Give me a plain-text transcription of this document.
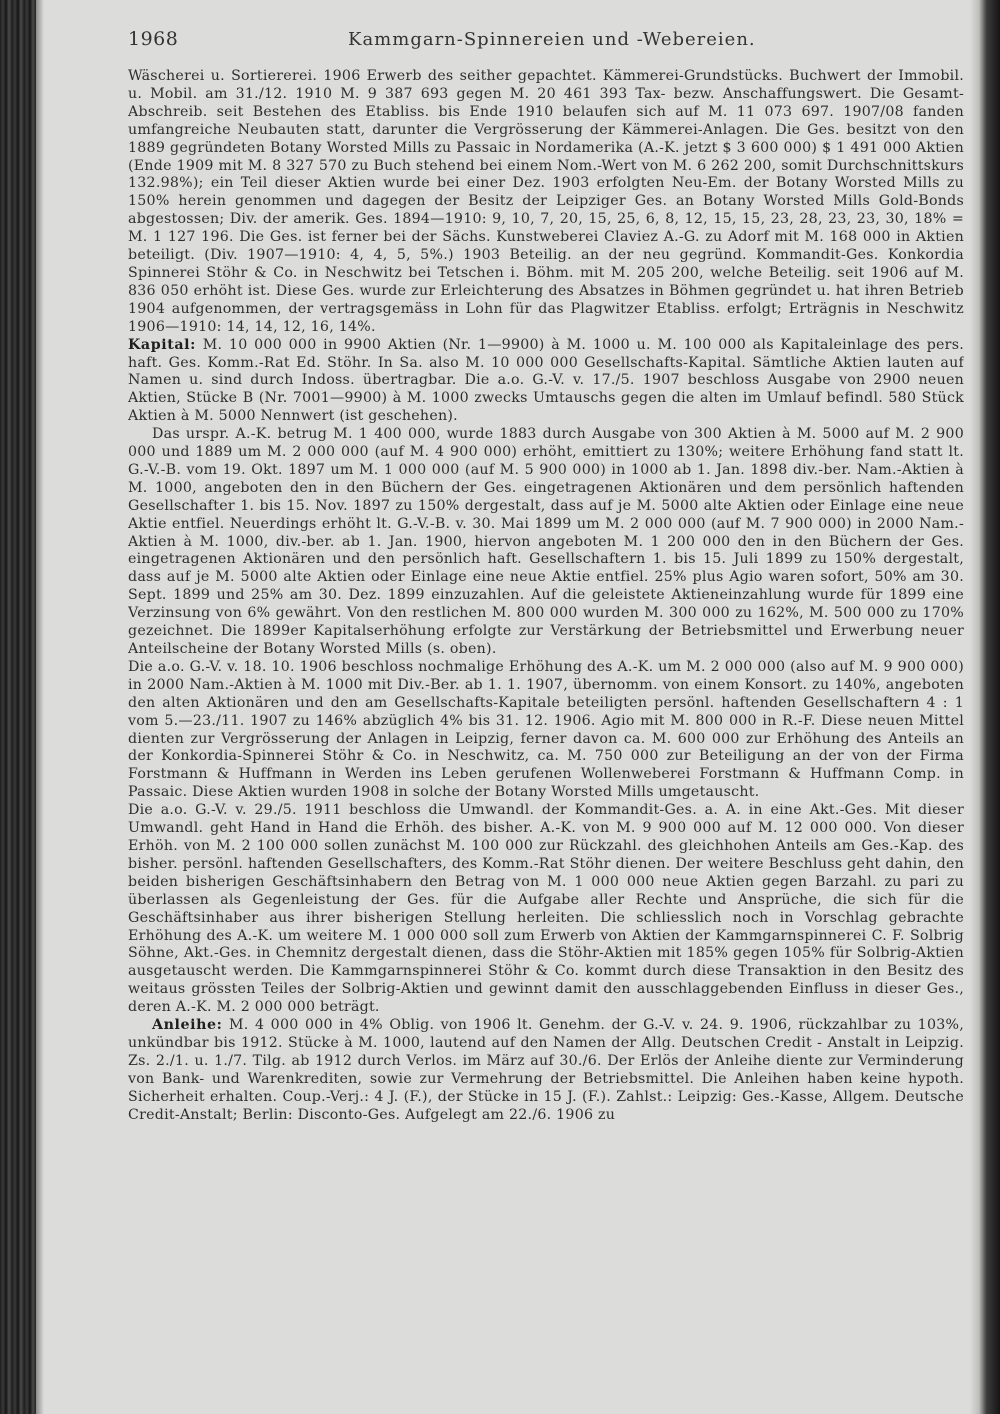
1968	Kammgarn-Spinnereien und -Webereien.

Wäscherei u. Sortiererei. 1906 Erwerb des seither gepachtet. Kämmerei-Grundstücks. Buchwert der Immobil. u. Mobil. am 31./12. 1910 M. 9 387 693 gegen M. 20 461 393 Tax- bezw. Anschaffungswert. Die Gesamt-Abschreib. seit Bestehen des Etabliss. bis Ende 1910 belaufen sich auf M. 11 073 697. 1907/08 fanden umfangreiche Neubauten statt, darunter die Vergrösserung der Kämmerei-Anlagen. Die Ges. besitzt von den 1889 gegründeten Botany Worsted Mills zu Passaic in Nordamerika (A.-K. jetzt $ 3 600 000) $ 1 491 000 Aktien (Ende 1909 mit M. 8 327 570 zu Buch stehend bei einem Nom.-Wert von M. 6 262 200, somit Durchschnittskurs 132.98%); ein Teil dieser Aktien wurde bei einer Dez. 1903 erfolgten Neu-Em. der Botany Worsted Mills zu 150% herein genommen und dagegen der Besitz der Leipziger Ges. an Botany Worsted Mills Gold-Bonds abgestossen; Div. der amerik. Ges. 1894—1910: 9, 10, 7, 20, 15, 25, 6, 8, 12, 15, 15, 23, 28, 23, 23, 30, 18% = M. 1 127 196. Die Ges. ist ferner bei der Sächs. Kunstweberei Claviez A.-G. zu Adorf mit M. 168 000 in Aktien beteiligt. (Div. 1907—1910: 4, 4, 5, 5%.) 1903 Beteilig. an der neu gegründ. Kommandit-Ges. Konkordia Spinnerei Stöhr & Co. in Neschwitz bei Tetschen i. Böhm. mit M. 205 200, welche Beteilig. seit 1906 auf M. 836 050 erhöht ist. Diese Ges. wurde zur Erleichterung des Absatzes in Böhmen gegründet u. hat ihren Betrieb 1904 aufgenommen, der vertragsgemäss in Lohn für das Plagwitzer Etabliss. erfolgt; Erträgnis in Neschwitz 1906—1910: 14, 14, 12, 16, 14%.

Kapital: M. 10 000 000 in 9900 Aktien (Nr. 1—9900) à M. 1000 u. M. 100 000 als Kapitaleinlage des pers. haft. Ges. Komm.-Rat Ed. Stöhr. In Sa. also M. 10 000 000 Gesellschafts-Kapital. Sämtliche Aktien lauten auf Namen u. sind durch Indoss. übertragbar. Die a.o. G.-V. v. 17./5. 1907 beschloss Ausgabe von 2900 neuen Aktien, Stücke B (Nr. 7001—9900) à M. 1000 zwecks Umtauschs gegen die alten im Umlauf befindl. 580 Stück Aktien à M. 5000 Nennwert (ist geschehen).

Das urspr. A.-K. betrug M. 1 400 000, wurde 1883 durch Ausgabe von 300 Aktien à M. 5000 auf M. 2 900 000 und 1889 um M. 2 000 000 (auf M. 4 900 000) erhöht, emittiert zu 130%; weitere Erhöhung fand statt lt. G.-V.-B. vom 19. Okt. 1897 um M. 1 000 000 (auf M. 5 900 000) in 1000 ab 1. Jan. 1898 div.-ber. Nam.-Aktien à M. 1000, angeboten den in den Büchern der Ges. eingetragenen Aktionären und dem persönlich haftenden Gesellschafter 1. bis 15. Nov. 1897 zu 150% dergestalt, dass auf je M. 5000 alte Aktien oder Einlage eine neue Aktie entfiel. Neuerdings erhöht lt. G.-V.-B. v. 30. Mai 1899 um M. 2 000 000 (auf M. 7 900 000) in 2000 Nam.-Aktien à M. 1000, div.-ber. ab 1. Jan. 1900, hiervon angeboten M. 1 200 000 den in den Büchern der Ges. eingetragenen Aktionären und den persönlich haft. Gesellschaftern 1. bis 15. Juli 1899 zu 150% dergestalt, dass auf je M. 5000 alte Aktien oder Einlage eine neue Aktie entfiel. 25% plus Agio waren sofort, 50% am 30. Sept. 1899 und 25% am 30. Dez. 1899 einzuzahlen. Auf die geleistete Aktieneinzahlung wurde für 1899 eine Verzinsung von 6% gewährt. Von den restlichen M. 800 000 wurden M. 300 000 zu 162%, M. 500 000 zu 170% gezeichnet. Die 1899er Kapitalserhöhung erfolgte zur Verstärkung der Betriebsmittel und Erwerbung neuer Anteilscheine der Botany Worsted Mills (s. oben).

Die a.o. G.-V. v. 18. 10. 1906 beschloss nochmalige Erhöhung des A.-K. um M. 2 000 000 (also auf M. 9 900 000) in 2000 Nam.-Aktien à M. 1000 mit Div.-Ber. ab 1. 1. 1907, übernomm. von einem Konsort. zu 140%, angeboten den alten Aktionären und den am Gesellschafts-Kapitale beteiligten persönl. haftenden Gesellschaftern 4 : 1 vom 5.—23./11. 1907 zu 146% abzüglich 4% bis 31. 12. 1906. Agio mit M. 800 000 in R.-F. Diese neuen Mittel dienten zur Vergrösserung der Anlagen in Leipzig, ferner davon ca. M. 600 000 zur Erhöhung des Anteils an der Konkordia-Spinnerei Stöhr & Co. in Neschwitz, ca. M. 750 000 zur Beteiligung an der von der Firma Forstmann & Huffmann in Werden ins Leben gerufenen Wollenweberei Forstmann & Huffmann Comp. in Passaic. Diese Aktien wurden 1908 in solche der Botany Worsted Mills umgetauscht.

Die a.o. G.-V. v. 29./5. 1911 beschloss die Umwandl. der Kommandit-Ges. a. A. in eine Akt.-Ges. Mit dieser Umwandl. geht Hand in Hand die Erhöh. des bisher. A.-K. von M. 9 900 000 auf M. 12 000 000. Von dieser Erhöh. von M. 2 100 000 sollen zunächst M. 100 000 zur Rückzahl. des gleichhohen Anteils am Ges.-Kap. des bisher. persönl. haftenden Gesellschafters, des Komm.-Rat Stöhr dienen. Der weitere Beschluss geht dahin, den beiden bisherigen Geschäftsinhabern den Betrag von M. 1 000 000 neue Aktien gegen Barzahl. zu pari zu überlassen als Gegenleistung der Ges. für die Aufgabe aller Rechte und Ansprüche, die sich für die Geschäftsinhaber aus ihrer bisherigen Stellung herleiten. Die schliesslich noch in Vorschlag gebrachte Erhöhung des A.-K. um weitere M. 1 000 000 soll zum Erwerb von Aktien der Kammgarnspinnerei C. F. Solbrig Söhne, Akt.-Ges. in Chemnitz dergestalt dienen, dass die Stöhr-Aktien mit 185% gegen 105% für Solbrig-Aktien ausgetauscht werden. Die Kammgarnspinnerei Stöhr & Co. kommt durch diese Transaktion in den Besitz des weitaus grössten Teiles der Solbrig-Aktien und gewinnt damit den ausschlaggebenden Einfluss in dieser Ges., deren A.-K. M. 2 000 000 beträgt.

Anleihe: M. 4 000 000 in 4% Oblig. von 1906 lt. Genehm. der G.-V. v. 24. 9. 1906, rückzahlbar zu 103%, unkündbar bis 1912. Stücke à M. 1000, lautend auf den Namen der Allg. Deutschen Credit - Anstalt in Leipzig. Zs. 2./1. u. 1./7. Tilg. ab 1912 durch Verlos. im März auf 30./6. Der Erlös der Anleihe diente zur Verminderung von Bank- und Warenkrediten, sowie zur Vermehrung der Betriebsmittel. Die Anleihen haben keine hypoth. Sicherheit erhalten. Coup.-Verj.: 4 J. (F.), der Stücke in 15 J. (F.). Zahlst.: Leipzig: Ges.-Kasse, Allgem. Deutsche Credit-Anstalt; Berlin: Disconto-Ges. Aufgelegt am 22./6. 1906 zu
